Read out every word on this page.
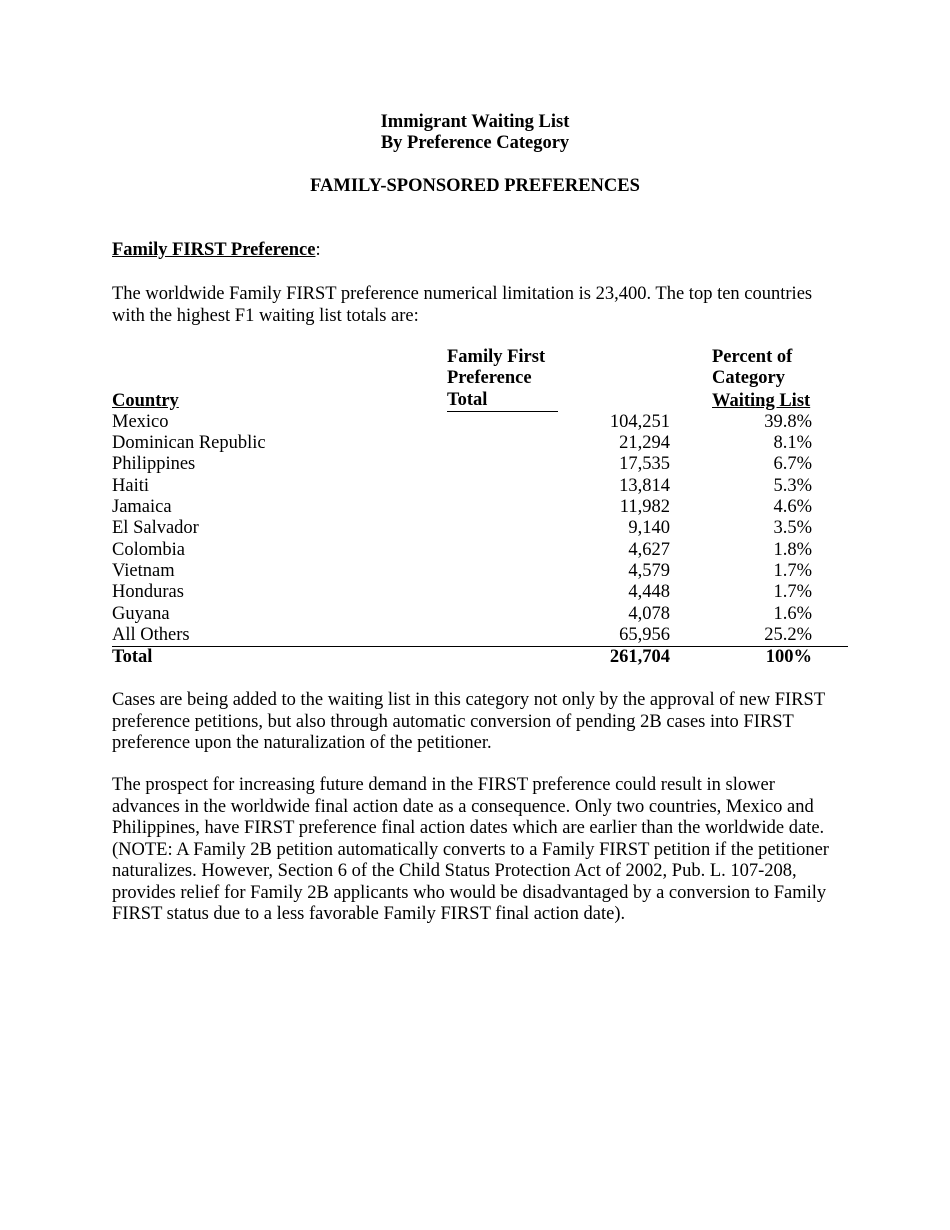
Immigrant Waiting List
By Preference Category
FAMILY-SPONSORED PREFERENCES
Family FIRST Preference:
The worldwide Family FIRST preference numerical limitation is 23,400. The top ten countries with the highest F1 waiting list totals are:
	Family First	Percent of
	Preference	Category
Country	Total	Waiting List
Mexico	104,251	39.8%
Dominican Republic	21,294	8.1%
Philippines	17,535	6.7%
Haiti	13,814	5.3%
Jamaica	11,982	4.6%
El Salvador	9,140	3.5%
Colombia	4,627	1.8%
Vietnam	4,579	1.7%
Honduras	4,448	1.7%
Guyana	4,078	1.6%
All Others	65,956	25.2%
Total	261,704	100%
Cases are being added to the waiting list in this category not only by the approval of new FIRST preference petitions, but also through automatic conversion of pending 2B cases into FIRST preference upon the naturalization of the petitioner.
The prospect for increasing future demand in the FIRST preference could result in slower advances in the worldwide final action date as a consequence. Only two countries, Mexico and Philippines, have FIRST preference final action dates which are earlier than the worldwide date. (NOTE: A Family 2B petition automatically converts to a Family FIRST petition if the petitioner naturalizes. However, Section 6 of the Child Status Protection Act of 2002, Pub. L. 107-208, provides relief for Family 2B applicants who would be disadvantaged by a conversion to Family FIRST status due to a less favorable Family FIRST final action date).
